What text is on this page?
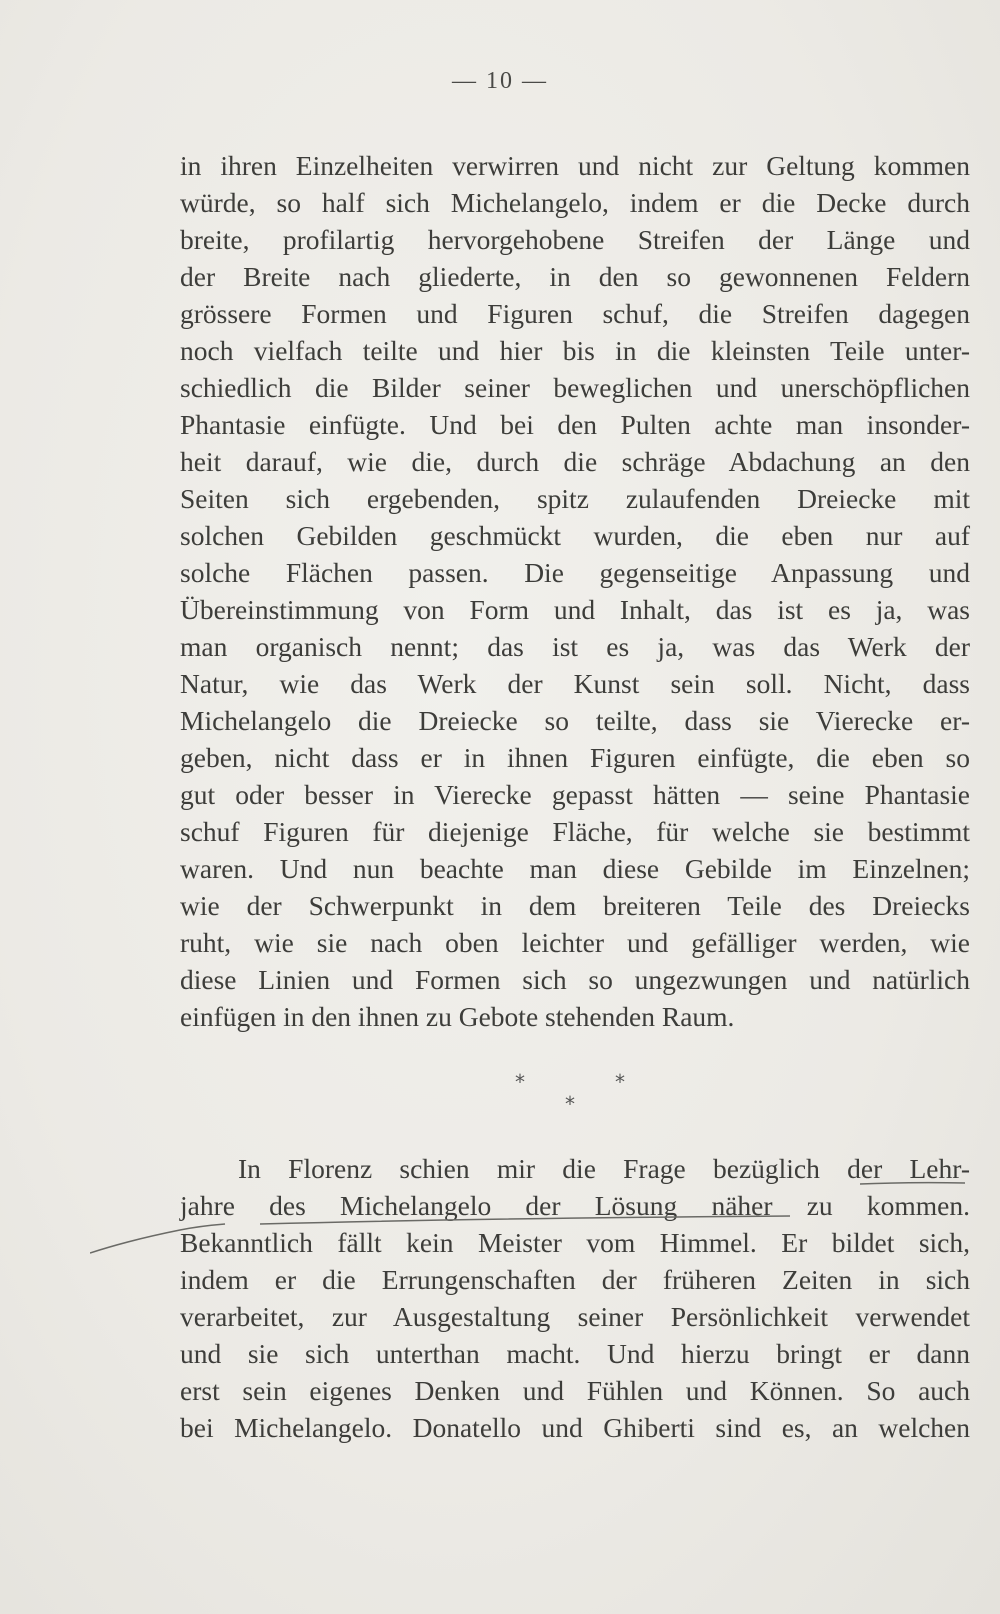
— 10 —
in ihren Einzelheiten verwirren und nicht zur Geltung kommen
würde, so half sich Michelangelo, indem er die Decke durch
breite, profilartig hervorgehobene Streifen der Länge und
der Breite nach gliederte, in den so gewonnenen Feldern
grössere Formen und Figuren schuf, die Streifen dagegen
noch vielfach teilte und hier bis in die kleinsten Teile unter-
schiedlich die Bilder seiner beweglichen und unerschöpflichen
Phantasie einfügte. Und bei den Pulten achte man insonder-
heit darauf, wie die, durch die schräge Abdachung an den
Seiten sich ergebenden, spitz zulaufenden Dreiecke mit
solchen Gebilden geschmückt wurden, die eben nur auf
solche Flächen passen. Die gegenseitige Anpassung und
Übereinstimmung von Form und Inhalt, das ist es ja, was
man organisch nennt; das ist es ja, was das Werk der
Natur, wie das Werk der Kunst sein soll. Nicht, dass
Michelangelo die Dreiecke so teilte, dass sie Vierecke er-
geben, nicht dass er in ihnen Figuren einfügte, die eben so
gut oder besser in Vierecke gepasst hätten — seine Phantasie
schuf Figuren für diejenige Fläche, für welche sie bestimmt
waren. Und nun beachte man diese Gebilde im Einzelnen;
wie der Schwerpunkt in dem breiteren Teile des Dreiecks
ruht, wie sie nach oben leichter und gefälliger werden, wie
diese Linien und Formen sich so ungezwungen und natürlich
einfügen in den ihnen zu Gebote stehenden Raum.
*	*
*
In Florenz schien mir die Frage bezüglich der Lehr-
jahre des Michelangelo der Lösung näher zu kommen.
Bekanntlich fällt kein Meister vom Himmel. Er bildet sich,
indem er die Errungenschaften der früheren Zeiten in sich
verarbeitet, zur Ausgestaltung seiner Persönlichkeit verwendet
und sie sich unterthan macht. Und hierzu bringt er dann
erst sein eigenes Denken und Fühlen und Können. So auch
bei Michelangelo. Donatello und Ghiberti sind es, an welchen
